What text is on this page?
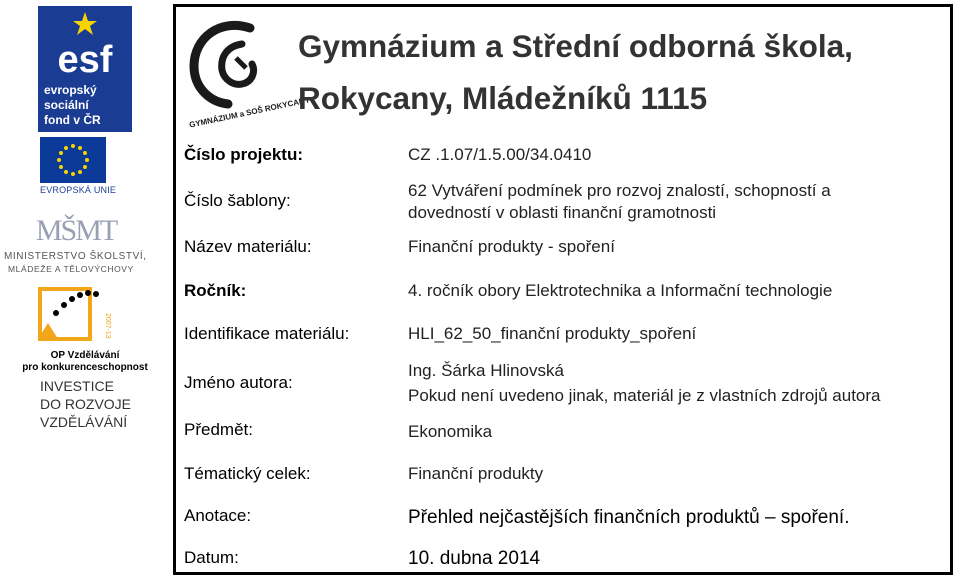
esf
evropský
sociální
fond v ČR
EVROPSKÁ UNIE
MŠMT
MINISTERSTVO ŠKOLSTVÍ,
MLÁDEŽE A TĚLOVÝCHOVY
2007-13
OP Vzdělávání
pro konkurenceschopnost
INVESTICE
DO ROZVOJE
VZDĚLÁVÁNÍ
GYMNÁZIUM a SOŠ ROKYCANY
Gymnázium a Střední odborná škola,
Rokycany, Mládežníků 1115
Číslo projektu:
Číslo šablony:
Název materiálu:
Ročník:
Identifikace materiálu:
Jméno autora:
Předmět:
Tématický celek:
Anotace:
Datum:
CZ .1.07/1.5.00/34.0410
62 Vytváření podmínek pro rozvoj znalostí, schopností a
dovedností v oblasti finanční gramotnosti
Finanční produkty - spoření
4. ročník obory Elektrotechnika a Informační technologie
HLI_62_50_finanční produkty_spoření
Ing. Šárka Hlinovská
Pokud není uvedeno jinak, materiál je z vlastních zdrojů autora
Ekonomika
Finanční produkty
Přehled nejčastějších finančních produktů – spoření.
10. dubna 2014
